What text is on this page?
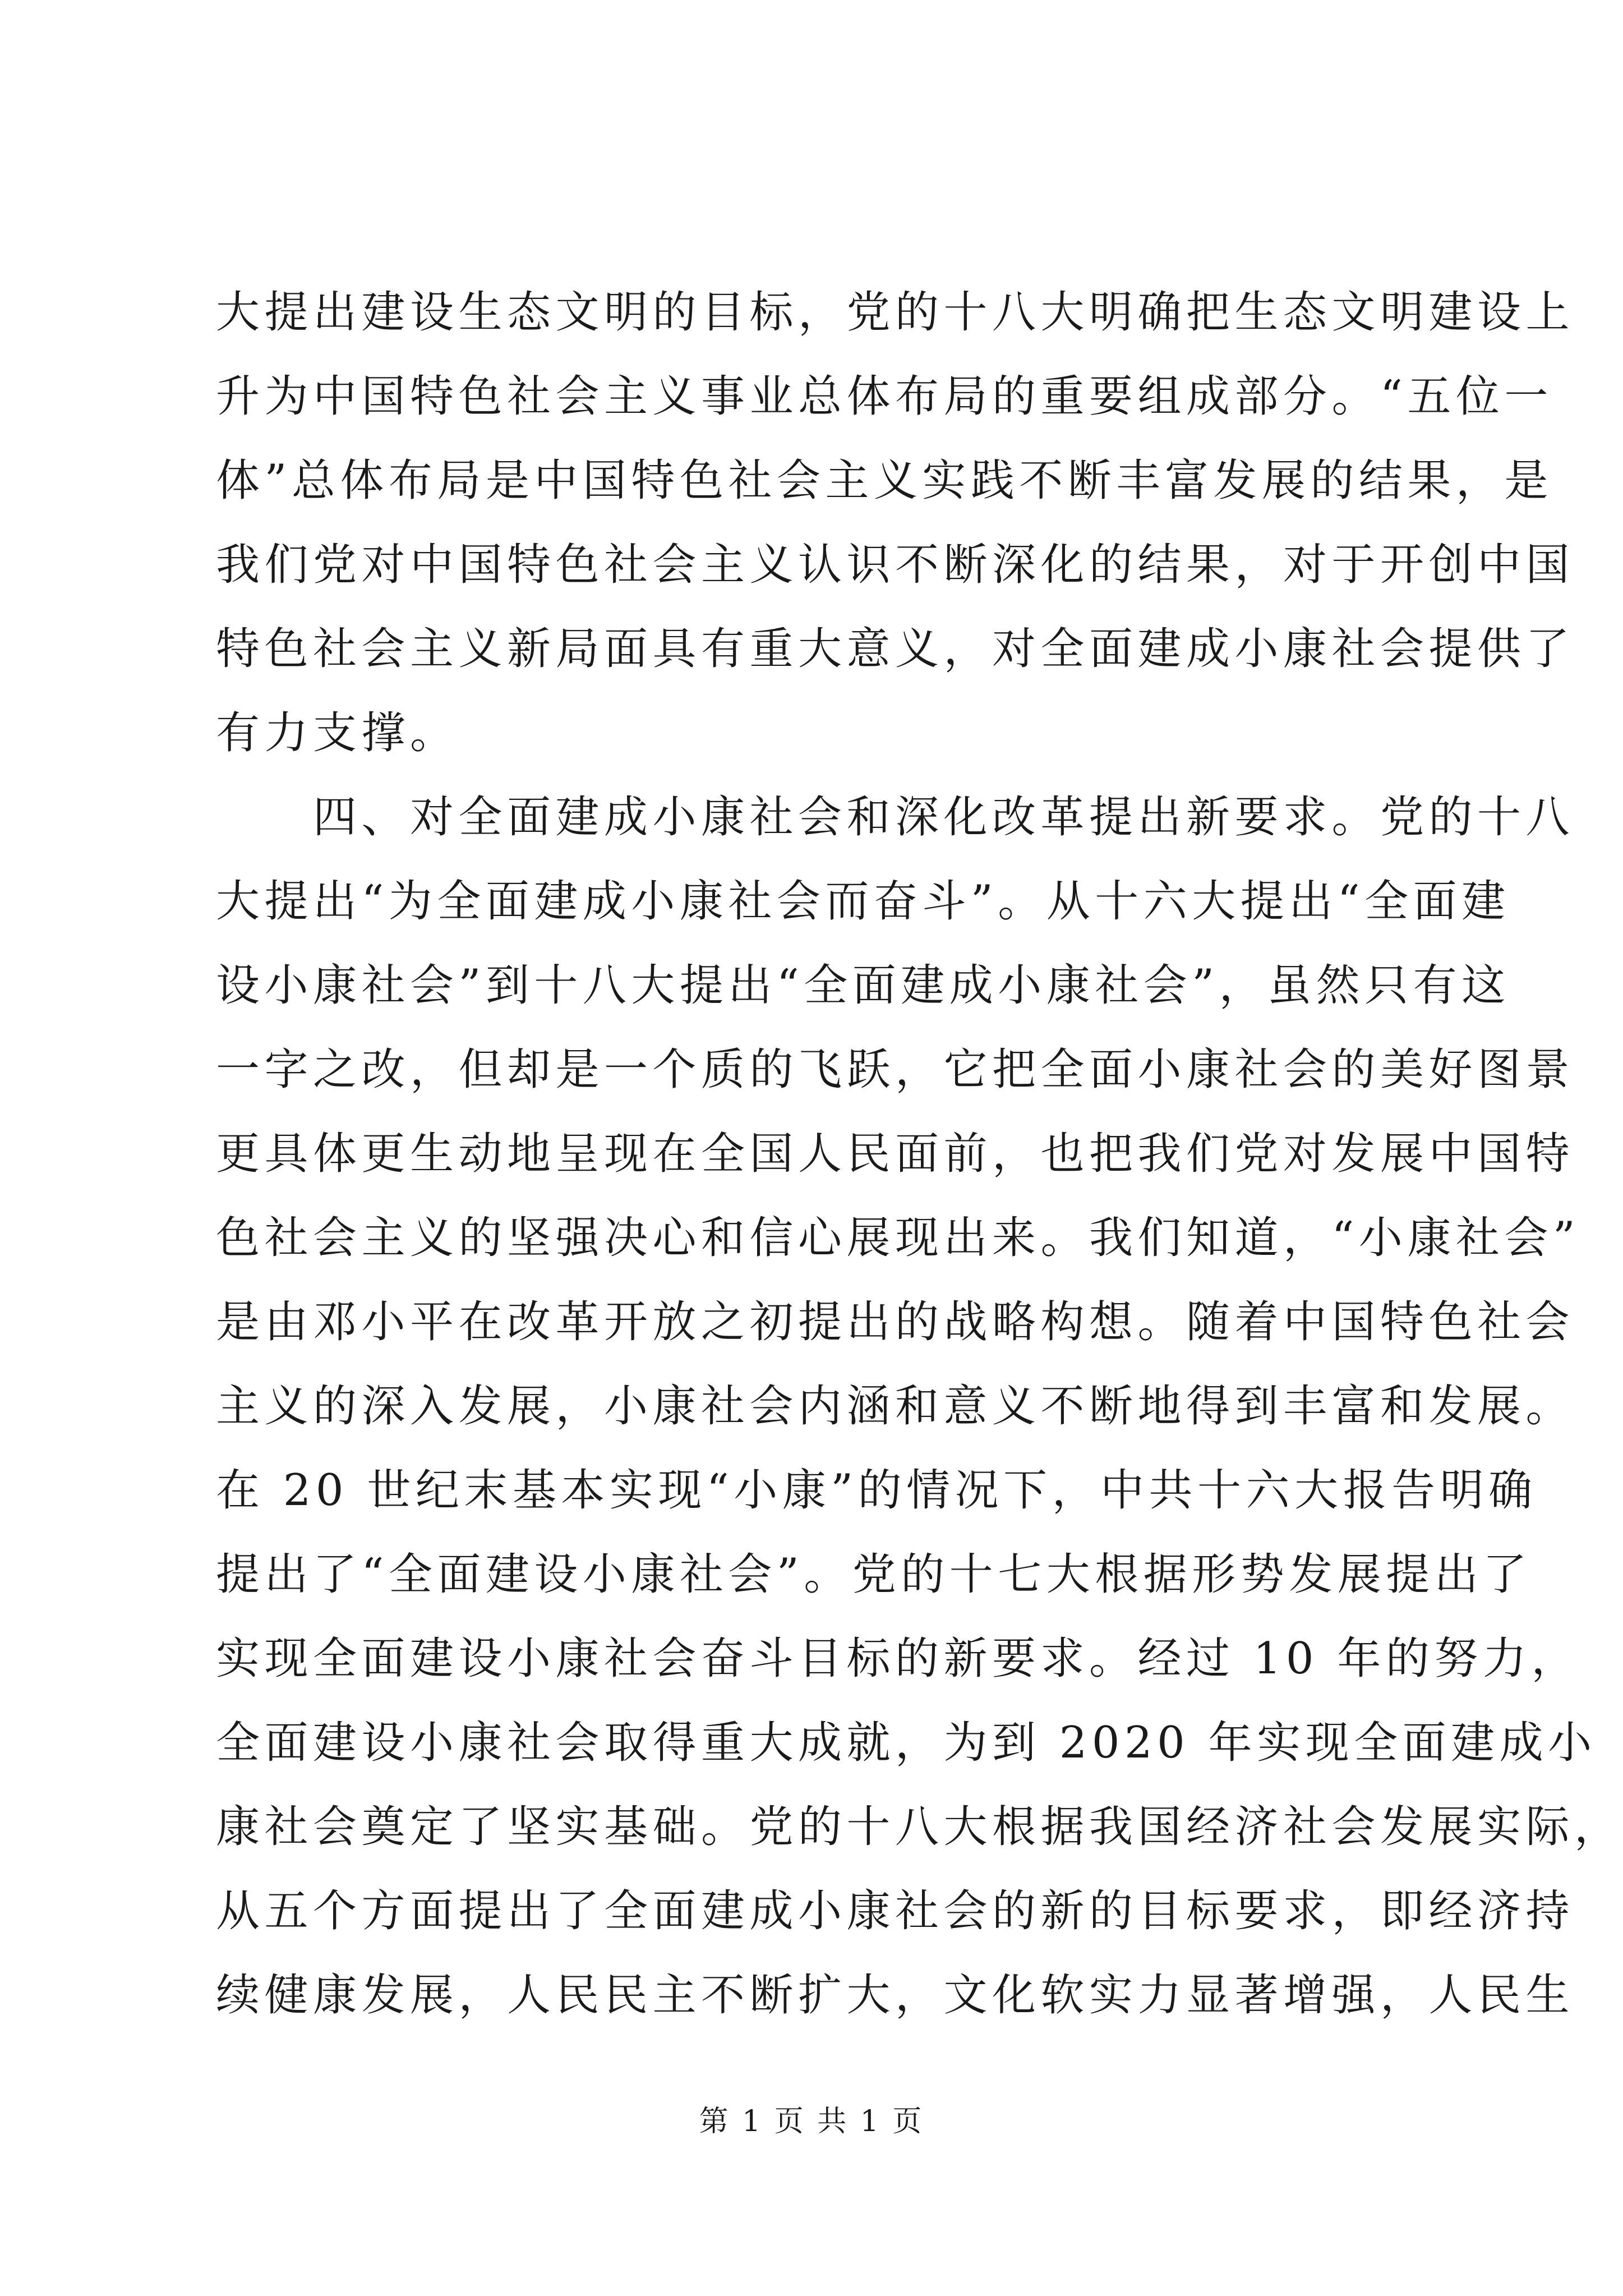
大提出建设生态文明的目标，党的十八大明确把生态文明建设上
升为中国特色社会主义事业总体布局的重要组成部分。“五位一
体”总体布局是中国特色社会主义实践不断丰富发展的结果，是
我们党对中国特色社会主义认识不断深化的结果，对于开创中国
特色社会主义新局面具有重大意义，对全面建成小康社会提供了
有力支撑。
　　四、对全面建成小康社会和深化改革提出新要求。党的十八
大提出“为全面建成小康社会而奋斗”。从十六大提出“全面建
设小康社会”到十八大提出“全面建成小康社会”，虽然只有这
一字之改，但却是一个质的飞跃，它把全面小康社会的美好图景
更具体更生动地呈现在全国人民面前，也把我们党对发展中国特
色社会主义的坚强决心和信心展现出来。我们知道，“小康社会”
是由邓小平在改革开放之初提出的战略构想。随着中国特色社会
主义的深入发展，小康社会内涵和意义不断地得到丰富和发展。
在 20 世纪末基本实现“小康”的情况下，中共十六大报告明确
提出了“全面建设小康社会”。党的十七大根据形势发展提出了
实现全面建设小康社会奋斗目标的新要求。经过 10 年的努力，
全面建设小康社会取得重大成就，为到 2020 年实现全面建成小
康社会奠定了坚实基础。党的十八大根据我国经济社会发展实际，
从五个方面提出了全面建成小康社会的新的目标要求，即经济持
续健康发展，人民民主不断扩大，文化软实力显著增强，人民生
第 1 页 共 1 页
